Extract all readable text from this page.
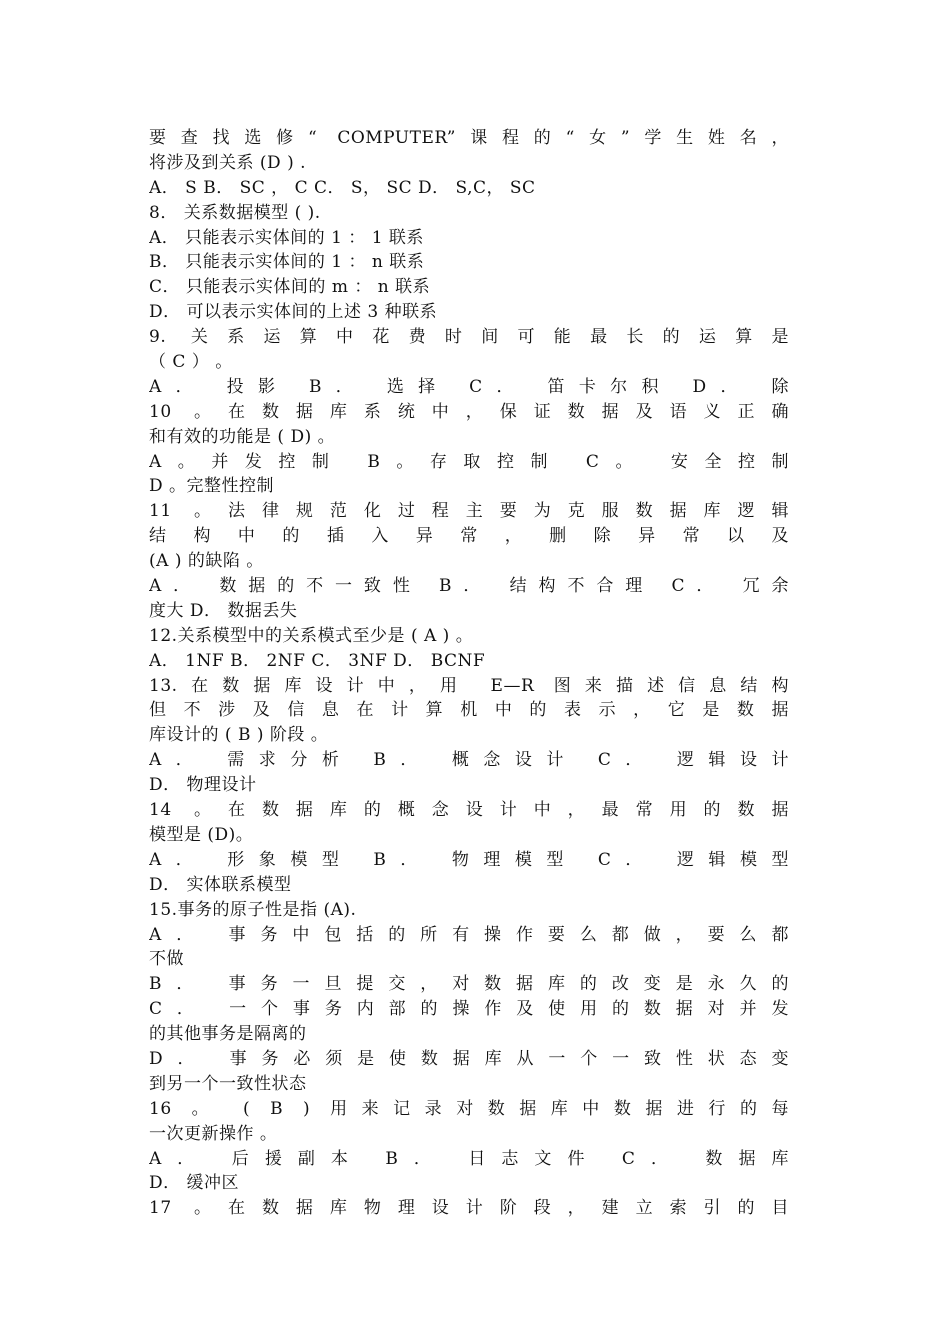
要查找选修“ COMPUTER”课程的“女”学生姓名，
将涉及到关系 (D ) .
A． S B． SC ， C C． S， SC D． S,C， SC
8． 关系数据模型 ( ).
A． 只能表示实体间的 1 ： 1 联系
B． 只能表示实体间的 1 ： n 联系
C． 只能表示实体间的 m ： n 联系
D． 可以表示实体间的上述 3 种联系
9. 关系运算中花费时间可能最长的运算是
（ C ） 。
A． 投影 B． 选择 C． 笛卡尔积 D． 除
10 。在数据库系统中，保证数据及语义正确
和有效的功能是 ( D) 。
A。并发控制 B。存取控制 C。 安全控制
D 。完整性控制
11 。法律规范化过程主要为克服数据库逻辑
结构中的插入异常，删除异常以及
(A ) 的缺陷 。
A． 数据的不一致性 B． 结构不合理 C． 冗余
度大 D． 数据丢失
12.关系模型中的关系模式至少是 ( A ) 。
A． 1NF B． 2NF C． 3NF D． BCNF
13.在数据库设计中，用 E—R 图来描述信息结构
但不涉及信息在计算机中的表示，它是数据
库设计的 ( B ) 阶段 。
A． 需求分析 B． 概念设计 C． 逻辑设计
D． 物理设计
14 。在数据库的概念设计中，最常用的数据
模型是 (D)。
A． 形象模型 B． 物理模型 C． 逻辑模型
D． 实体联系模型
15.事务的原子性是指 (A).
A． 事务中包括的所有操作要么都做，要么都
不做
B． 事务一旦提交，对数据库的改变是永久的
C． 一个事务内部的操作及使用的数据对并发
的其他事务是隔离的
D． 事务必须是使数据库从一个一致性状态变
到另一个一致性状态
16 。 ( B ) 用来记录对数据库中数据进行的每
一次更新操作 。
A． 后援副本 B． 日志文件 C． 数据库
D． 缓冲区
17 。在数据库物理设计阶段，建立索引的目
